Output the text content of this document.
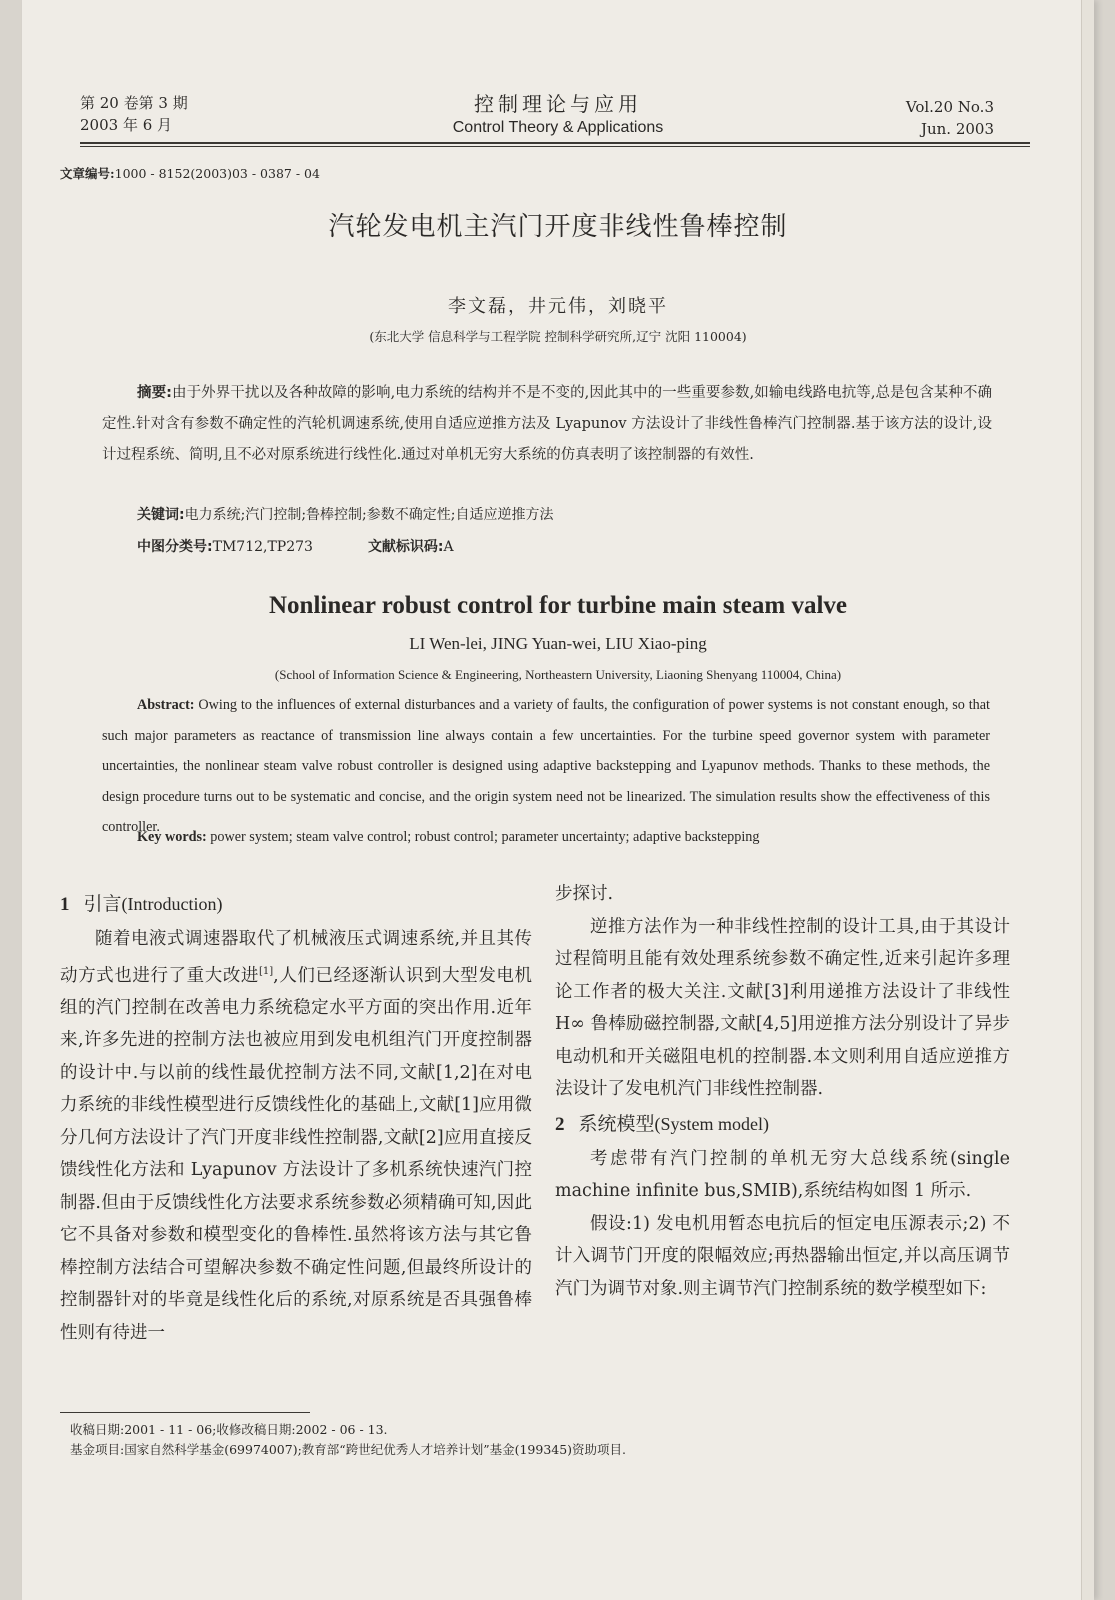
第 20 卷第 3 期
2003 年 6 月
控制理论与应用
Control Theory & Applications
Vol.20 No.3
Jun. 2003
文章编号:1000 - 8152(2003)03 - 0387 - 04
汽轮发电机主汽门开度非线性鲁棒控制
李文磊，井元伟，刘晓平
(东北大学 信息科学与工程学院 控制科学研究所,辽宁 沈阳 110004)
摘要:由于外界干扰以及各种故障的影响,电力系统的结构并不是不变的,因此其中的一些重要参数,如输电线路电抗等,总是包含某种不确定性.针对含有参数不确定性的汽轮机调速系统,使用自适应逆推方法及 Lyapunov 方法设计了非线性鲁棒汽门控制器.基于该方法的设计,设计过程系统、简明,且不必对原系统进行线性化.通过对单机无穷大系统的仿真表明了该控制器的有效性.
关键词:电力系统;汽门控制;鲁棒控制;参数不确定性;自适应逆推方法
中图分类号:TM712,TP273	文献标识码:A
Nonlinear robust control for turbine main steam valve
LI Wen-lei, JING Yuan-wei, LIU Xiao-ping
(School of Information Science & Engineering, Northeastern University, Liaoning Shenyang 110004, China)
Abstract: Owing to the influences of external disturbances and a variety of faults, the configuration of power systems is not constant enough, so that such major parameters as reactance of transmission line always contain a few uncertainties. For the turbine speed governor system with parameter uncertainties, the nonlinear steam valve robust controller is designed using adaptive backstepping and Lyapunov methods. Thanks to these methods, the design procedure turns out to be systematic and concise, and the origin system need not be linearized. The simulation results show the effectiveness of this controller.
Key words: power system; steam valve control; robust control; parameter uncertainty; adaptive backstepping

1 引言(Introduction)

随着电液式调速器取代了机械液压式调速系统,并且其传动方式也进行了重大改进[1],人们已经逐渐认识到大型发电机组的汽门控制在改善电力系统稳定水平方面的突出作用.近年来,许多先进的控制方法也被应用到发电机组汽门开度控制器的设计中.与以前的线性最优控制方法不同,文献[1,2]在对电力系统的非线性模型进行反馈线性化的基础上,文献[1]应用微分几何方法设计了汽门开度非线性控制器,文献[2]应用直接反馈线性化方法和 Lyapunov 方法设计了多机系统快速汽门控制器.但由于反馈线性化方法要求系统参数必须精确可知,因此它不具备对参数和模型变化的鲁棒性.虽然将该方法与其它鲁棒控制方法结合可望解决参数不确定性问题,但最终所设计的控制器针对的毕竟是线性化后的系统,对原系统是否具强鲁棒性则有待进一

步探讨.

逆推方法作为一种非线性控制的设计工具,由于其设计过程简明且能有效处理系统参数不确定性,近来引起许多理论工作者的极大关注.文献[3]利用递推方法设计了非线性 H∞ 鲁棒励磁控制器,文献[4,5]用逆推方法分别设计了异步电动机和开关磁阻电机的控制器.本文则利用自适应逆推方法设计了发电机汽门非线性控制器.

2 系统模型(System model)

考虑带有汽门控制的单机无穷大总线系统(single machine infinite bus,SMIB),系统结构如图 1 所示.

假设:1) 发电机用暂态电抗后的恒定电压源表示;2) 不计入调节门开度的限幅效应;再热器输出恒定,并以高压调节汽门为调节对象.则主调节汽门控制系统的数学模型如下:

收稿日期:2001 - 11 - 06;收修改稿日期:2002 - 06 - 13.
基金项目:国家自然科学基金(69974007);教育部“跨世纪优秀人才培养计划”基金(199345)资助项目.
